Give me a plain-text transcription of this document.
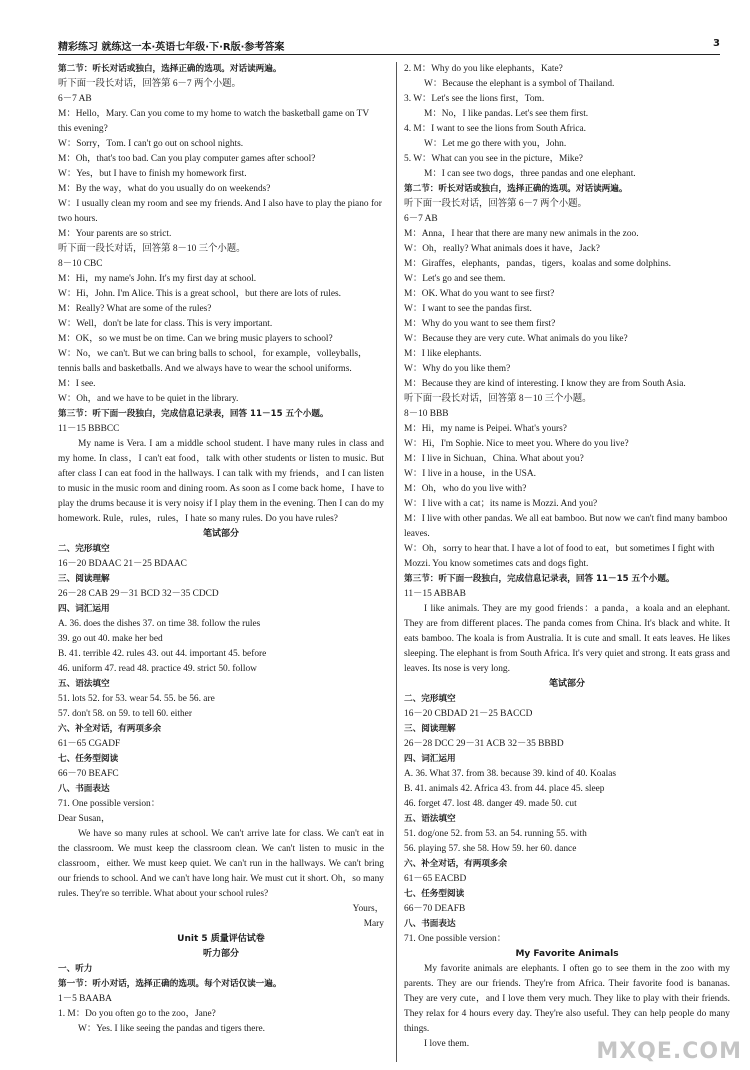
精彩练习 就练这一本·英语七年级·下·R版·参考答案	3

第二节：听长对话或独白，选择正确的选项。对话读两遍。

听下面一段长对话，回答第 6－7 两个小题。

6－7 AB

M：Hello，Mary. Can you come to my home to watch the basketball game on TV this evening?

W：Sorry，Tom. I can't go out on school nights.

M：Oh，that's too bad. Can you play computer games after school?

W：Yes，but I have to finish my homework first.

M：By the way，what do you usually do on weekends?

W：I usually clean my room and see my friends. And I also have to play the piano for two hours.

M：Your parents are so strict.

听下面一段长对话，回答第 8－10 三个小题。

8－10 CBC

M：Hi，my name's John. It's my first day at school.

W：Hi，John. I'm Alice. This is a great school，but there are lots of rules.

M：Really? What are some of the rules?

W：Well，don't be late for class. This is very important.

M：OK，so we must be on time. Can we bring music players to school?

W：No，we can't. But we can bring balls to school，for example，volleyballs，tennis balls and basketballs. And we always have to wear the school uniforms.

M：I see.

W：Oh，and we have to be quiet in the library.

第三节：听下面一段独白，完成信息记录表，回答 11－15 五个小题。

11－15 BBBCC

My name is Vera. I am a middle school student. I have many rules in class and my home. In class，I can't eat food，talk with other students or listen to music. But after class I can eat food in the hallways. I can talk with my friends，and I can listen to music in the music room and dining room. As soon as I come back home，I have to play the drums because it is very noisy if I play them in the evening. Then I can do my homework. Rule，rules，rules，I hate so many rules. Do you have rules?

笔试部分

二、完形填空

16－20 BDAAC 21－25 BDAAC

三、阅读理解

26－28 CAB 29－31 BCD 32－35 CDCD

四、词汇运用

A. 36. does the dishes 37. on time 38. follow the rules

39. go out 40. make her bed

B. 41. terrible 42. rules 43. out 44. important 45. before

46. uniform 47. read 48. practice 49. strict 50. follow

五、语法填空

51. lots 52. for 53. wear 54. 55. be 56. are

57. don't 58. on 59. to tell 60. either

六、补全对话，有两项多余

61－65 CGADF

七、任务型阅读

66－70 BEAFC

八、书面表达

71. One possible version：

Dear Susan，

We have so many rules at school. We can't arrive late for class. We can't eat in the classroom. We must keep the classroom clean. We can't listen to music in the classroom，either. We must keep quiet. We can't run in the hallways. We can't bring our friends to school. And we can't have long hair. We must cut it short. Oh，so many rules. They're so terrible. What about your school rules?

Yours，

Mary

Unit 5 质量评估试卷

听力部分

一、听力

第一节：听小对话，选择正确的选项。每个对话仅读一遍。

1－5 BAABA

1. M：Do you often go to the zoo，Jane?

W：Yes. I like seeing the pandas and tigers there.

2. M：Why do you like elephants，Kate?

W：Because the elephant is a symbol of Thailand.

3. W：Let's see the lions first，Tom.

M：No，I like pandas. Let's see them first.

4. M：I want to see the lions from South Africa.

W：Let me go there with you，John.

5. W：What can you see in the picture，Mike?

M：I can see two dogs，three pandas and one elephant.

第二节：听长对话或独白，选择正确的选项。对话读两遍。

听下面一段长对话，回答第 6－7 两个小题。

6－7 AB

M：Anna，I hear that there are many new animals in the zoo.

W：Oh，really? What animals does it have，Jack?

M：Giraffes，elephants，pandas，tigers，koalas and some dolphins.

W：Let's go and see them.

M：OK. What do you want to see first?

W：I want to see the pandas first.

M：Why do you want to see them first?

W：Because they are very cute. What animals do you like?

M：I like elephants.

W：Why do you like them?

M：Because they are kind of interesting. I know they are from South Asia.

听下面一段长对话，回答第 8－10 三个小题。

8－10 BBB

M：Hi，my name is Peipei. What's yours?

W：Hi，I'm Sophie. Nice to meet you. Where do you live?

M：I live in Sichuan，China. What about you?

W：I live in a house，in the USA.

M：Oh，who do you live with?

W：I live with a cat；its name is Mozzi. And you?

M：I live with other pandas. We all eat bamboo. But now we can't find many bamboo leaves.

W：Oh，sorry to hear that. I have a lot of food to eat，but sometimes I fight with Mozzi. You know sometimes cats and dogs fight.

第三节：听下面一段独白，完成信息记录表，回答 11－15 五个小题。

11－15 ABBAB

I like animals. They are my good friends：a panda，a koala and an elephant. They are from different places. The panda comes from China. It's black and white. It eats bamboo. The koala is from Australia. It is cute and small. It eats leaves. He likes sleeping. The elephant is from South Africa. It's very quiet and strong. It eats grass and leaves. Its nose is very long.

笔试部分

二、完形填空

16－20 CBDAD 21－25 BACCD

三、阅读理解

26－28 DCC 29－31 ACB 32－35 BBBD

四、词汇运用

A. 36. What 37. from 38. because 39. kind of 40. Koalas

B. 41. animals 42. Africa 43. from 44. place 45. sleep

46. forget 47. lost 48. danger 49. made 50. cut

五、语法填空

51. dog/one 52. from 53. an 54. running 55. with

56. playing 57. she 58. How 59. her 60. dance

六、补全对话，有两项多余

61－65 EACBD

七、任务型阅读

66－70 DEAFB

八、书面表达

71. One possible version：

My Favorite Animals

My favorite animals are elephants. I often go to see them in the zoo with my parents. They are our friends. They're from Africa. Their favorite food is bananas. They are very cute，and I love them very much. They like to play with their friends. They relax for 4 hours every day. They're also useful. They can help people do many things.

I love them.	MXQE.COM
